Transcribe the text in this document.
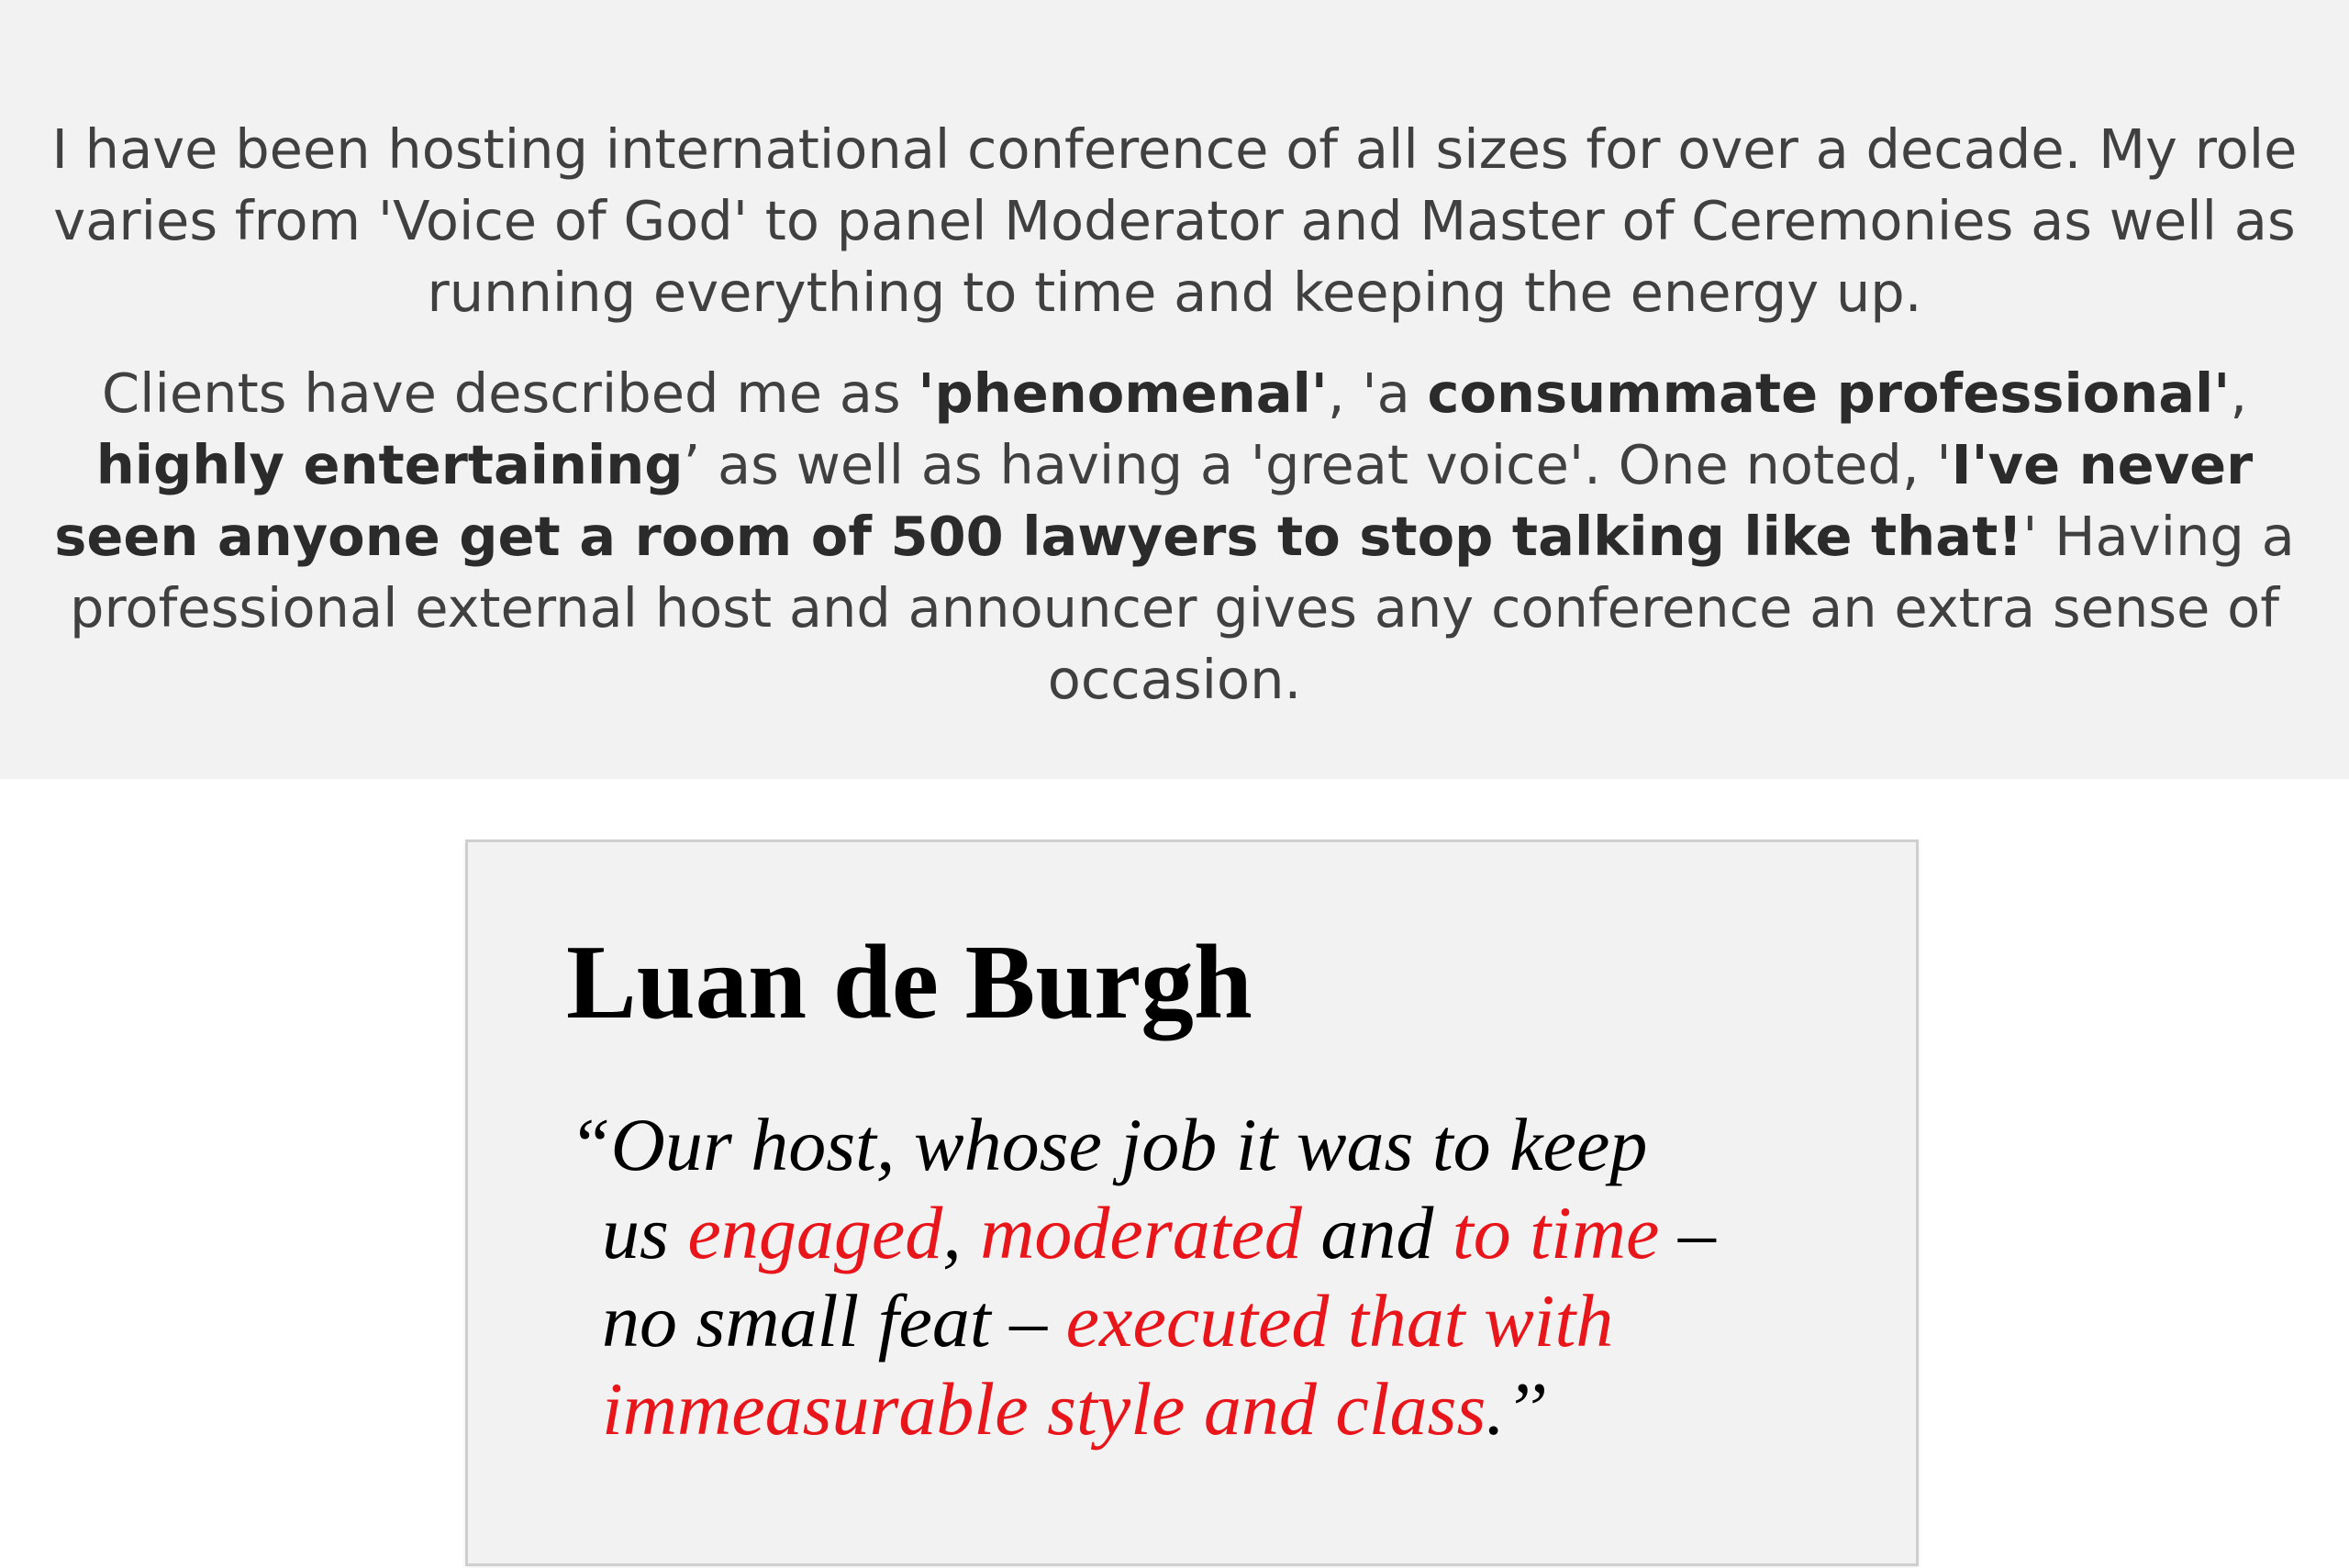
I have been hosting international conference of all sizes for over a decade. My role varies from 'Voice of God' to panel Moderator and Master of Ceremonies as well as running everything to time and keeping the energy up.

Clients have described me as 'phenomenal', 'a consummate professional', highly entertaining’ as well as having a 'great voice'. One noted, 'I've never seen anyone get a room of 500 lawyers to stop talking like that!' Having a professional external host and announcer gives any conference an extra sense of occasion.

Luan de Burgh

“Our host, whose job it was to keep
us engaged, moderated and to time –
no small feat – executed that with
immeasurable style and class.’’
